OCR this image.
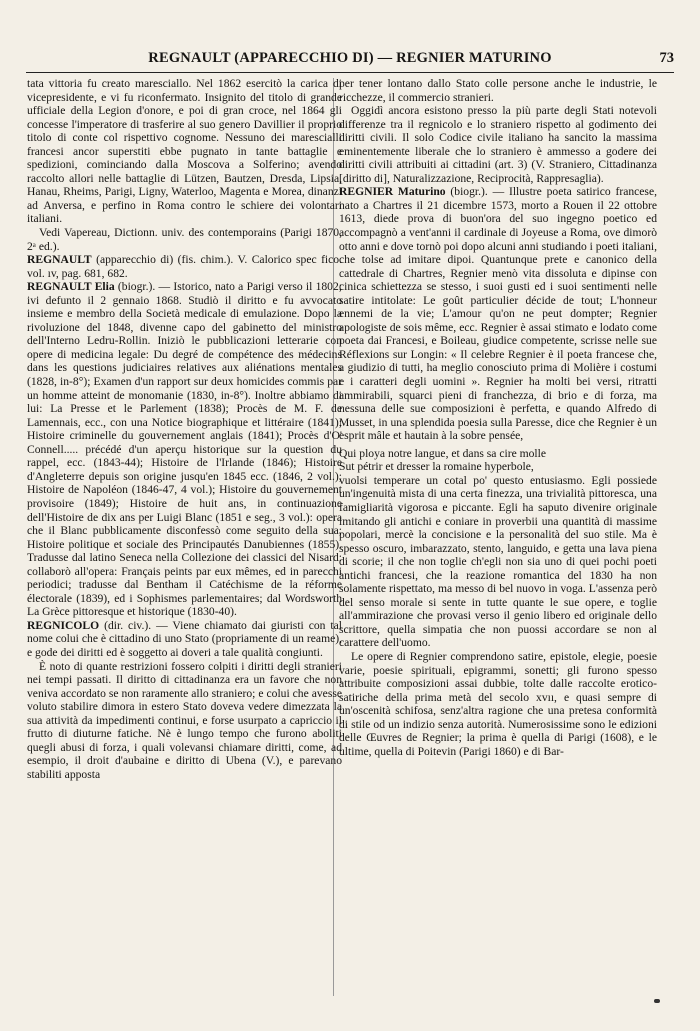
REGNAULT (APPARECCHIO DI) — REGNIER MATURINO	73

tata vittoria fu creato maresciallo. Nel 1862 esercitò la carica di vicepresidente, e vi fu riconfermato. Insignito del titolo di grande ufficiale della Legion d'onore, e poi di gran croce, nel 1864 gli concesse l'imperatore di trasferire al suo genero Davillier il proprio titolo di conte col rispettivo cognome. Nessuno dei marescialli francesi ancor superstiti ebbe pugnato in tante battaglie e spedizioni, cominciando dalla Moscova a Solferino; avendo raccolto allori nelle battaglie di Lützen, Bautzen, Dresda, Lipsia, Hanau, Rheims, Parigi, Ligny, Waterloo, Magenta e Morea, dinanzi ad Anversa, e perfino in Roma contro le schiere dei volontari italiani.

Vedi Vapereau, Dictionn. univ. des contemporains (Parigi 1870, 2ᵃ ed.).

REGNAULT (apparecchio di) (fis. chim.). V. Calorico spec fico. vol. ıv, pag. 681, 682.

REGNAULT Elia (biogr.). — Istorico, nato a Parigi verso il 1802; ivi defunto il 2 gennaio 1868. Studiò il diritto e fu avvocato insieme e membro della Società medicale di emulazione. Dopo la rivoluzione del 1848, divenne capo del gabinetto del ministro dell'Interno Ledru-Rollin. Iniziò le pubblicazioni letterarie con opere di medicina legale: Du degré de compétence des médecins dans les questions judiciaires relatives aux aliénations mentales (1828, in-8°); Examen d'un rapport sur deux homicides commis par un homme atteint de monomanie (1830, in-8°). Inoltre abbiamo di lui: La Presse et le Parlement (1838); Procès de M. F. de Lamennais, ecc., con una Notice biographique et littéraire (1841); Histoire criminelle du gouvernement anglais (1841); Procès d'O' Connell..... précédé d'un aperçu historique sur la question du rappel, ecc. (1843-44); Histoire de l'Irlande (1846); Histoire d'Angleterre depuis son origine jusqu'en 1845 ecc. (1846, 2 vol.); Histoire de Napoléon (1846-47, 4 vol.); Histoire du gouvernement provisoire (1849); Histoire de huit ans, in continuazione dell'Histoire de dix ans per Luigi Blanc (1851 e seg., 3 vol.): opera che il Blanc pubblicamente disconfessò come seguito della sua; Histoire politique et sociale des Principautés Danubiennes (1855). Tradusse dal latino Seneca nella Collezione dei classici del Nisard: collaborò all'opera: Français peints par eux mêmes, ed in parecchi periodici; tradusse dal Bentham il Catéchisme de la réforme électorale (1839), ed i Sophismes parlementaires; dal Wordsworth La Grèce pittoresque et historique (1830-40).

REGNICOLO (dir. civ.). — Viene chiamato dai giuristi con tal nome colui che è cittadino di uno Stato (propriamente di un reame), e gode dei diritti ed è soggetto ai doveri a tale qualità congiunti.

È noto di quante restrizioni fossero colpiti i diritti degli stranieri nei tempi passati. Il diritto di cittadinanza era un favore che non veniva accordato se non raramente allo straniero; e colui che avesse voluto stabilire dimora in estero Stato doveva vedere dimezzata la sua attività da impedimenti continui, e forse usurpato a capriccio il frutto di diuturne fatiche. Nè è lungo tempo che furono aboliti quegli abusi di forza, i quali volevansi chiamare diritti, come, ad esempio, il droit d'aubaine e diritto di Ubena (V.), e parevano stabiliti apposta

per tener lontano dallo Stato colle persone anche le industrie, le ricchezze, il commercio stranieri.

Oggidì ancora esistono presso la più parte degli Stati notevoli differenze tra il regnicolo e lo straniero rispetto al godimento dei diritti civili. Il solo Codice civile italiano ha sancito la massima eminentemente liberale che lo straniero è ammesso a godere dei diritti civili attribuiti ai cittadini (art. 3) (V. Straniero, Cittadinanza [diritto di], Naturalizzazione, Reciprocità, Rappresaglia).

REGNIER Maturino (biogr.). — Illustre poeta satirico francese, nato a Chartres il 21 dicembre 1573, morto a Rouen il 22 ottobre 1613, diede prova di buon'ora del suo ingegno poetico ed accompagnò a vent'anni il cardinale di Joyeuse a Roma, ove dimorò otto anni e dove tornò poi dopo alcuni anni studiando i poeti italiani, che tolse ad imitare dipoi. Quantunque prete e canonico della cattedrale di Chartres, Regnier menò vita dissoluta e dipinse con cinica schiettezza se stesso, i suoi gusti ed i suoi sentimenti nelle satire intitolate: Le goût particulier décide de tout; L'honneur ennemi de la vie; L'amour qu'on ne peut dompter; Regnier apologiste de sois même, ecc. Regnier è assai stimato e lodato come poeta dai Francesi, e Boileau, giudice competente, scrisse nelle sue Réflexions sur Longin: « Il celebre Regnier è il poeta francese che, a giudizio di tutti, ha meglio conosciuto prima di Molière i costumi e i caratteri degli uomini ». Regnier ha molti bei versi, ritratti ammirabili, squarci pieni di franchezza, di brio e di forza, ma nessuna delle sue composizioni è perfetta, e quando Alfredo di Musset, in una splendida poesia sulla Paresse, dice che Regnier è un esprit mâle et hautain à la sobre pensée,

Qui ploya notre langue, et dans sa cire molle
Sut pétrir et dresser la romaine hyperbole,

vuolsi temperare un cotal po' questo entusiasmo. Egli possiede un'ingenuità mista di una certa finezza, una trivialità pittoresca, una famigliarità vigorosa e piccante. Egli ha saputo divenire originale imitando gli antichi e coniare in proverbii una quantità di massime popolari, mercè la concisione e la personalità del suo stile. Ma è spesso oscuro, imbarazzato, stento, languido, e getta una lava piena di scorie; il che non toglie ch'egli non sia uno di quei pochi poeti antichi francesi, che la reazione romantica del 1830 ha non solamente rispettato, ma messo di bel nuovo in voga. L'assenza però del senso morale si sente in tutte quante le sue opere, e toglie all'ammirazione che provasi verso il genio libero ed originale dello scrittore, quella simpatia che non puossi accordare se non al carattere dell'uomo.

Le opere di Regnier comprendono satire, epistole, elegie, poesie varie, poesie spirituali, epigrammi, sonetti; gli furono spesso attribuite composizioni assai dubbie, tolte dalle raccolte erotico-satiriche della prima metà del secolo xvıı, e quasi sempre di un'oscenità schifosa, senz'altra ragione che una pretesa conformità di stile od un indizio senza autorità. Numerosissime sono le edizioni delle Œuvres de Regnier; la prima è quella di Parigi (1608), e le ultime, quella di Poitevin (Parigi 1860) e di Bar-
